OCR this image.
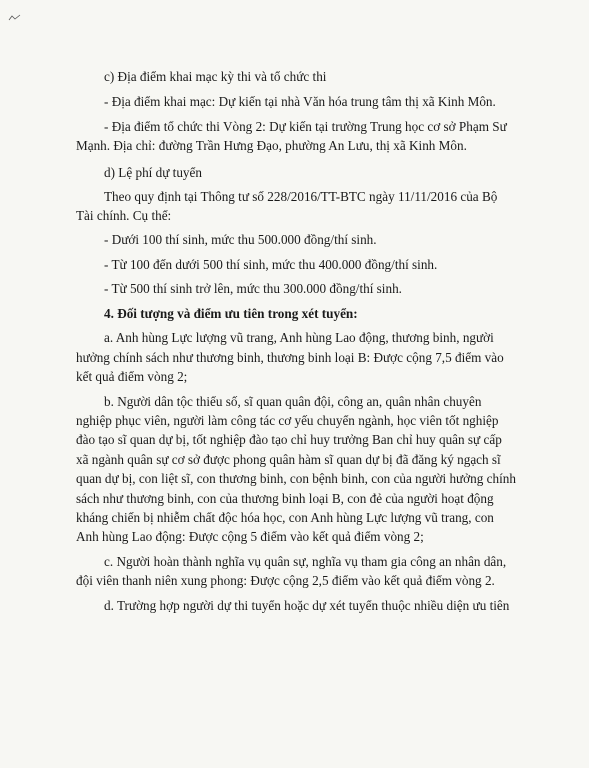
c) Địa điểm khai mạc kỳ thi và tổ chức thi
- Địa điểm khai mạc: Dự kiến tại nhà Văn hóa trung tâm thị xã Kinh Môn.
- Địa điểm tổ chức thi Vòng 2: Dự kiến tại trường Trung học cơ sở Phạm Sư
Mạnh. Địa chỉ: đường Trần Hưng Đạo, phường An Lưu, thị xã Kinh Môn.
d) Lệ phí dự tuyển
Theo quy định tại Thông tư số 228/2016/TT-BTC ngày 11/11/2016 của Bộ
Tài chính. Cụ thể:
- Dưới 100 thí sinh, mức thu 500.000 đồng/thí sinh.
- Từ 100 đến dưới 500 thí sinh, mức thu 400.000 đồng/thí sinh.
- Từ 500 thí sinh trở lên, mức thu 300.000 đồng/thí sinh.
4. Đối tượng và điểm ưu tiên trong xét tuyển:
a. Anh hùng Lực lượng vũ trang, Anh hùng Lao động, thương binh, người
hưởng chính sách như thương binh, thương binh loại B: Được cộng 7,5 điểm vào
kết quả điểm vòng 2;
b. Người dân tộc thiểu số, sĩ quan quân đội, công an, quân nhân chuyên
nghiệp phục viên, người làm công tác cơ yếu chuyển ngành, học viên tốt nghiệp
đào tạo sĩ quan dự bị, tốt nghiệp đào tạo chỉ huy trưởng Ban chỉ huy quân sự cấp
xã ngành quân sự cơ sở được phong quân hàm sĩ quan dự bị đã đăng ký ngạch sĩ
quan dự bị, con liệt sĩ, con thương binh, con bệnh binh, con của người hưởng chính
sách như thương binh, con của thương binh loại B, con đẻ của người hoạt động
kháng chiến bị nhiễm chất độc hóa học, con Anh hùng Lực lượng vũ trang, con
Anh hùng Lao động: Được cộng 5 điểm vào kết quả điểm vòng 2;
c. Người hoàn thành nghĩa vụ quân sự, nghĩa vụ tham gia công an nhân dân,
đội viên thanh niên xung phong: Được cộng 2,5 điểm vào kết quả điểm vòng 2.
d. Trường hợp người dự thi tuyển hoặc dự xét tuyển thuộc nhiều diện ưu tiên
